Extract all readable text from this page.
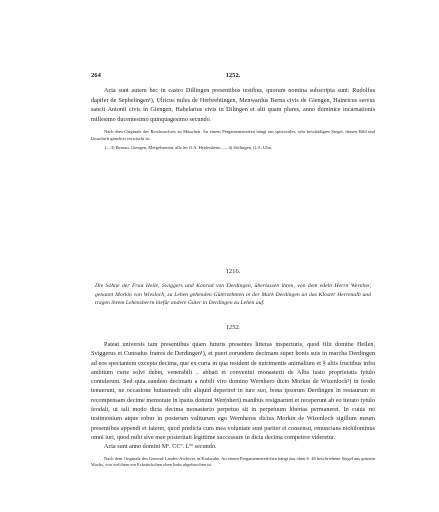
264	1252.

Acta sunt autem hec in castro Dillingen presentibus testibus, quorum nomina subscripta sunt: Rudolfus dapifer de Sephelingen¹), Ulricus miles de Herbrehtingen, Menwardus Berna civis de Giengen, Hainricus servus sancti Antonii civis in Giengen, Hahelarius civis in Dilingen et alii quam plures, anno dominice incarnationis millesimo ducentesimo quinquagesimo secundo.

Nach dem Originale des Reichsarchivs zu München. An einem Pergamentstreifen hängt ein spitzovales, sehr beschädigtes Siegel, dessen Bild und Umschrift gänzlich verwischt ist.

1—3) Bernau, Giengen, Mergelstetten, alle im O.A. Heidenheim. — 4) Söflingen, O.A. Ulm.

1216.

Die Söhne der Frau Heile, Swiggers und Konrad von Derdingen, überlassen ihren, von dem edeln Herrn Wernher, genannt Morkin von Wiesloch, zu Lehen gehenden Güterzehnten in der Mark Derdingen an das Kloster Herrenalb und tragen ihrem Lehensherrn hiefür andere Güter in Derdingen zu Lehen auf.

1252.

Pateat universis tam presentibus quam futuris presentes litteras inspecturis, quod filii domine Heilen, Sviggerus et Cunradus fratres de Derdingen¹), et pueri eorundem decimam super bonis suis in marcha Derdingen ad eos spectantem excepta decima, que ex curia in qua resident de nutrimentis animalium et § aliis fructibus infra ambitum curie solvi debet, venerabili .. abbati et conventui monasterii de Alba iusto proprietatis tytulo contulerunt. Sed quia eandem decimam a nobili viro domino Wernhero dicto Morkin de Wizenloch²) in feodo tenuerunt, ne occasione huiusmodi sibi aliquid deperiret in iure suo, bona ipsorum Derdingen in restaurum et recompensam decime memorate in ipsius domini Wer(nheri) manibus resignarunt et receperunt ab eo iterato tytulo feodali, ut tali modo dicta decima monasterio perpetuo sit in perpetuum libertas permaneret. In cuius rei testimonium atque robur in posterum valiturum ego Wernherus dictus Morkin de Wizenloch sigillum meum presentibus appendi et faterer, quod predicta cum mea voluntate sunt pariter et consensu, renuncians nichilominus omni iuri, quod mihi sive mee posteritati legittime successure in dicta decima competere videretur.

Acta sunt anno domini Mº. CCº. Lºº secundo.

Nach dem Originale des General-Landes-Archives in Karlsruhe. An einem Pergamentstreifchen hängt das oben S. 46 beschriebene Siegel aus grünem Wachs, von welchem ein Eckstückchen oben links abgebrochen ist.
